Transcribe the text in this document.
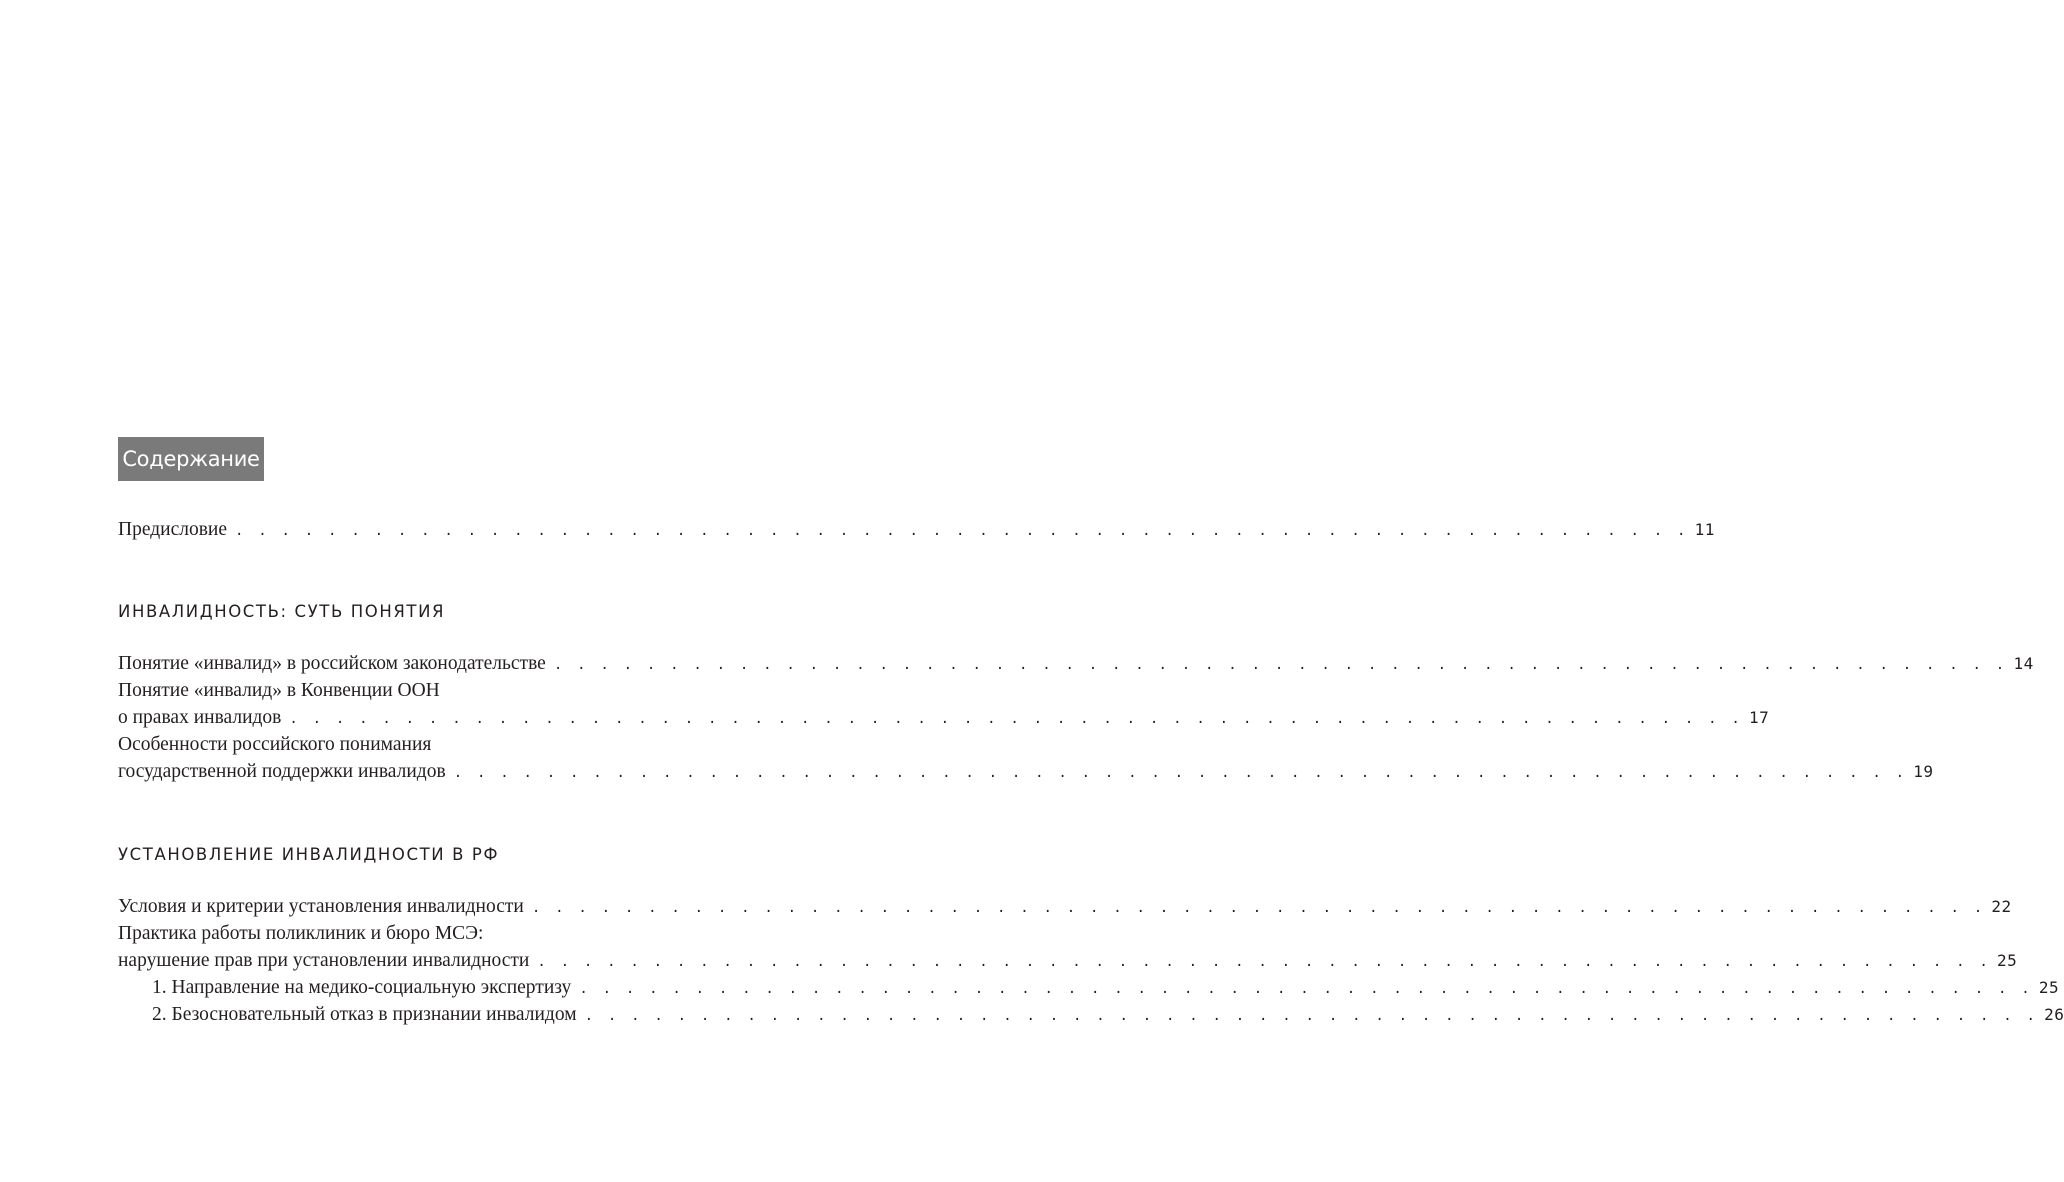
Содержание
Предисловие . . . . . . . . . . . . . . . . . . . . . . . . . . . . . . . . . . . . . . . . . . . . . . . . . . . . . . . . . . . . . . . 11
ИНВАЛИДНОСТЬ: СУТЬ ПОНЯТИЯ
Понятие «инвалид» в российском законодательстве . . . . . . . . . . . . . . . . . . . . . . . . . . . . . . . . . . . . . . . . . . . . . . . . . . . . . . . . . . . . . . . 14
Понятие «инвалид» в Конвенции ООН
о правах инвалидов . . . . . . . . . . . . . . . . . . . . . . . . . . . . . . . . . . . . . . . . . . . . . . . . . . . . . . . . . . . . . . . 17
Особенности российского понимания
государственной поддержки инвалидов . . . . . . . . . . . . . . . . . . . . . . . . . . . . . . . . . . . . . . . . . . . . . . . . . . . . . . . . . . . . . . . 19
УСТАНОВЛЕНИЕ ИНВАЛИДНОСТИ В РФ
Условия и критерии установления инвалидности . . . . . . . . . . . . . . . . . . . . . . . . . . . . . . . . . . . . . . . . . . . . . . . . . . . . . . . . . . . . . . . 22
Практика работы поликлиник и бюро МСЭ:
нарушение прав при установлении инвалидности . . . . . . . . . . . . . . . . . . . . . . . . . . . . . . . . . . . . . . . . . . . . . . . . . . . . . . . . . . . . . . . 25
1. Направление на медико-социальную экспертизу . . . . . . . . . . . . . . . . . . . . . . . . . . . . . . . . . . . . . . . . . . . . . . . . . . . . . . . . . . . . . . . 25
2. Безосновательный отказ в признании инвалидом . . . . . . . . . . . . . . . . . . . . . . . . . . . . . . . . . . . . . . . . . . . . . . . . . . . . . . . . . . . . . . . 26
